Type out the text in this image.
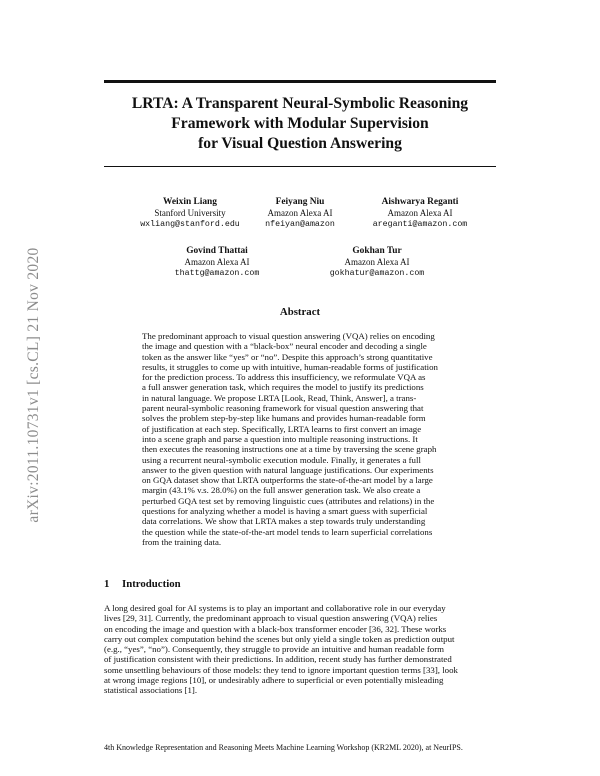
arXiv:2011.10731v1 [cs.CL] 21 Nov 2020
LRTA: A Transparent Neural-Symbolic Reasoning
Framework with Modular Supervision
for Visual Question Answering
Weixin Liang
Stanford University
wxliang@stanford.edu
Feiyang Niu
Amazon Alexa AI
nfeiyan@amazon
Aishwarya Reganti
Amazon Alexa AI
areganti@amazon.com
Govind Thattai
Amazon Alexa AI
thattg@amazon.com
Gokhan Tur
Amazon Alexa AI
gokhatur@amazon.com
Abstract
The predominant approach to visual question answering (VQA) relies on encoding
the image and question with a “black-box” neural encoder and decoding a single
token as the answer like “yes” or “no”. Despite this approach’s strong quantitative
results, it struggles to come up with intuitive, human-readable forms of justification
for the prediction process. To address this insufficiency, we reformulate VQA as
a full answer generation task, which requires the model to justify its predictions
in natural language. We propose LRTA [Look, Read, Think, Answer], a trans-
parent neural-symbolic reasoning framework for visual question answering that
solves the problem step-by-step like humans and provides human-readable form
of justification at each step. Specifically, LRTA learns to first convert an image
into a scene graph and parse a question into multiple reasoning instructions. It
then executes the reasoning instructions one at a time by traversing the scene graph
using a recurrent neural-symbolic execution module. Finally, it generates a full
answer to the given question with natural language justifications. Our experiments
on GQA dataset show that LRTA outperforms the state-of-the-art model by a large
margin (43.1% v.s. 28.0%) on the full answer generation task. We also create a
perturbed GQA test set by removing linguistic cues (attributes and relations) in the
questions for analyzing whether a model is having a smart guess with superficial
data correlations. We show that LRTA makes a step towards truly understanding
the question while the state-of-the-art model tends to learn superficial correlations
from the training data.
1 Introduction
A long desired goal for AI systems is to play an important and collaborative role in our everyday
lives [29, 31]. Currently, the predominant approach to visual question answering (VQA) relies
on encoding the image and question with a black-box transformer encoder [36, 32]. These works
carry out complex computation behind the scenes but only yield a single token as prediction output
(e.g., “yes”, “no”). Consequently, they struggle to provide an intuitive and human readable form
of justification consistent with their predictions. In addition, recent study has further demonstrated
some unsettling behaviours of those models: they tend to ignore important question terms [33], look
at wrong image regions [10], or undesirably adhere to superficial or even potentially misleading
statistical associations [1].
4th Knowledge Representation and Reasoning Meets Machine Learning Workshop (KR2ML 2020), at NeurIPS.
